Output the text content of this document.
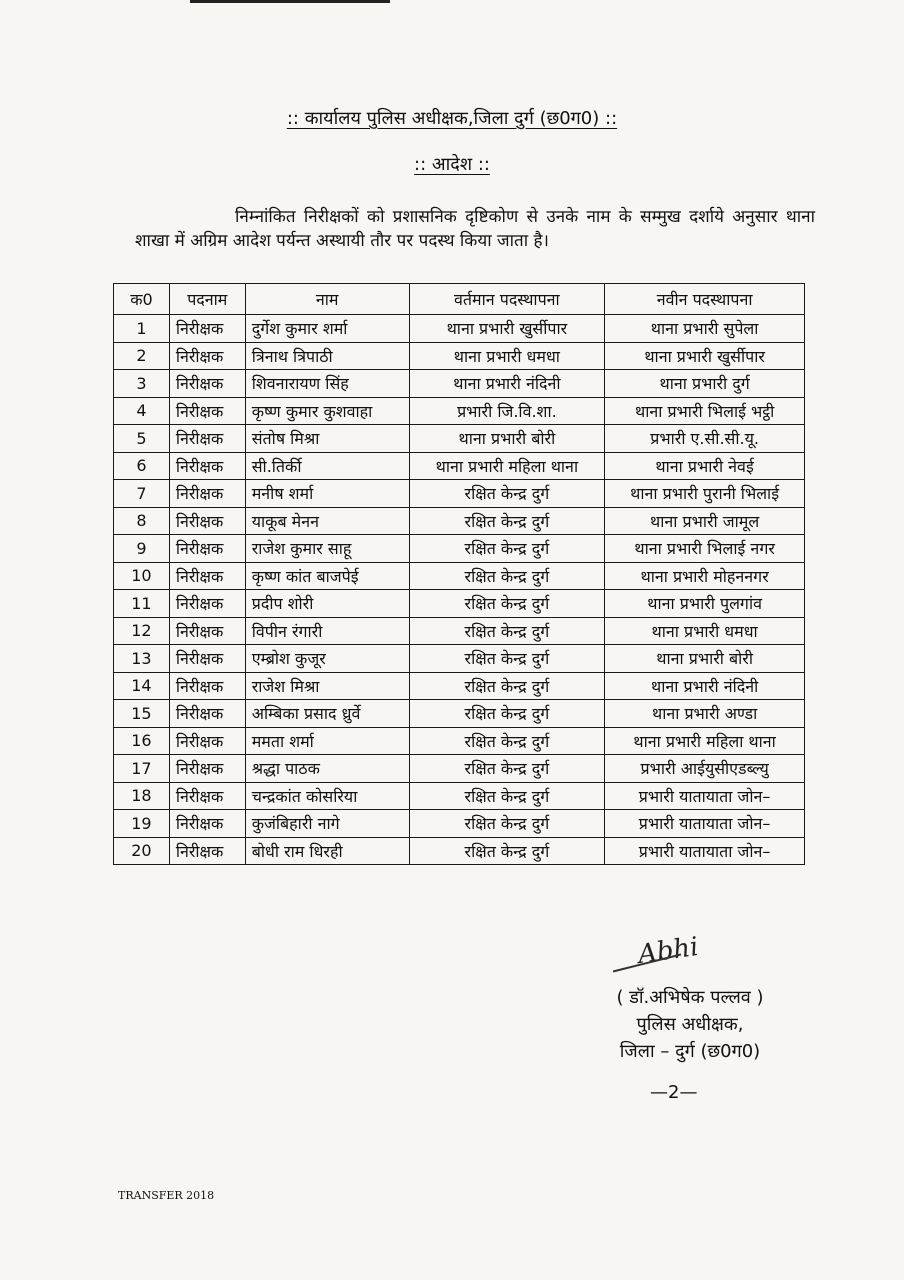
:: कार्यालय पुलिस अधीक्षक,जिला दुर्ग (छ0ग0) ::
:: आदेश ::
निम्नांकित निरीक्षकों को प्रशासनिक दृष्टिकोण से उनके नाम के सम्मुख दर्शाये अनुसार थाना शाखा में अग्रिम आदेश पर्यन्त अस्थायी तौर पर पदस्थ किया जाता है।
क0	पदनाम	नाम	वर्तमान पदस्थापना	नवीन पदस्थापना
1	निरीक्षक	दुर्गेश कुमार शर्मा	थाना प्रभारी खुर्सीपार	थाना प्रभारी सुपेला
2	निरीक्षक	त्रिनाथ त्रिपाठी	थाना प्रभारी धमधा	थाना प्रभारी खुर्सीपार
3	निरीक्षक	शिवनारायण सिंह	थाना प्रभारी नंदिनी	थाना प्रभारी दुर्ग
4	निरीक्षक	कृष्ण कुमार कुशवाहा	प्रभारी जि.वि.शा.	थाना प्रभारी भिलाई भट्ठी
5	निरीक्षक	संतोष मिश्रा	थाना प्रभारी बोरी	प्रभारी ए.सी.सी.यू.
6	निरीक्षक	सी.तिर्की	थाना प्रभारी महिला थाना	थाना प्रभारी नेवई
7	निरीक्षक	मनीष शर्मा	रक्षित केन्द्र दुर्ग	थाना प्रभारी पुरानी भिलाई
8	निरीक्षक	याकूब मेनन	रक्षित केन्द्र दुर्ग	थाना प्रभारी जामूल
9	निरीक्षक	राजेश कुमार साहू	रक्षित केन्द्र दुर्ग	थाना प्रभारी भिलाई नगर
10	निरीक्षक	कृष्ण कांत बाजपेई	रक्षित केन्द्र दुर्ग	थाना प्रभारी मोहननगर
11	निरीक्षक	प्रदीप शोरी	रक्षित केन्द्र दुर्ग	थाना प्रभारी पुलगांव
12	निरीक्षक	विपीन रंगारी	रक्षित केन्द्र दुर्ग	थाना प्रभारी धमधा
13	निरीक्षक	एम्ब्रोश कुजूर	रक्षित केन्द्र दुर्ग	थाना प्रभारी बोरी
14	निरीक्षक	राजेश मिश्रा	रक्षित केन्द्र दुर्ग	थाना प्रभारी नंदिनी
15	निरीक्षक	अम्बिका प्रसाद ध्रुर्वे	रक्षित केन्द्र दुर्ग	थाना प्रभारी अण्डा
16	निरीक्षक	ममता शर्मा	रक्षित केन्द्र दुर्ग	थाना प्रभारी महिला थाना
17	निरीक्षक	श्रद्धा पाठक	रक्षित केन्द्र दुर्ग	प्रभारी आईयुसीएडब्ल्यु
18	निरीक्षक	चन्द्रकांत कोसरिया	रक्षित केन्द्र दुर्ग	प्रभारी यातायाता जोन–
19	निरीक्षक	कुजंबिहारी नागे	रक्षित केन्द्र दुर्ग	प्रभारी यातायाता जोन–
20	निरीक्षक	बोधी राम धिरही	रक्षित केन्द्र दुर्ग	प्रभारी यातायाता जोन–
Abhi
( डॉ.अभिषेक पल्लव )
पुलिस अधीक्षक,
जिला – दुर्ग (छ0ग0)
—2—
TRANSFER 2018
